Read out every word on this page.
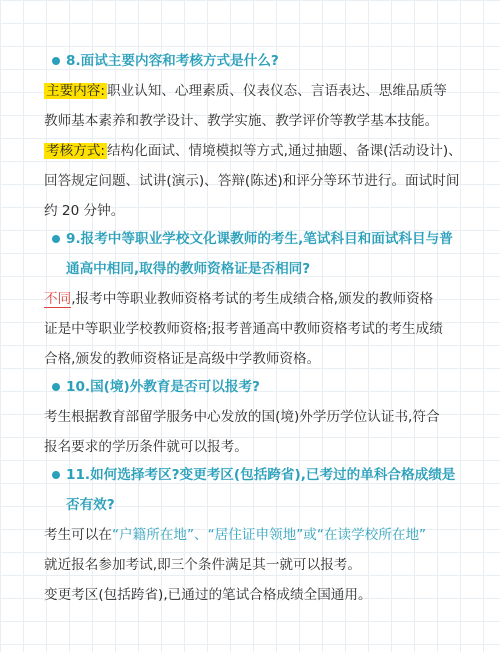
8.面试主要内容和考核方式是什么?
主要内容: 职业认知、心理素质、仪表仪态、言语表达、思维品质等
教师基本素养和教学设计、教学实施、教学评价等教学基本技能。
考核方式: 结构化面试、情境模拟等方式,通过抽题、备课(活动设计)、
回答规定问题、试讲(演示)、答辩(陈述)和评分等环节进行。面试时间
约 20 分钟。
9.报考中等职业学校文化课教师的考生,笔试科目和面试科目与普
通高中相同,取得的教师资格证是否相同?
不同,报考中等职业教师资格考试的考生成绩合格,颁发的教师资格
证是中等职业学校教师资格;报考普通高中教师资格考试的考生成绩
合格,颁发的教师资格证是高级中学教师资格。
10.国(境)外教育是否可以报考?
考生根据教育部留学服务中心发放的国(境)外学历学位认证书,符合
报名要求的学历条件就可以报考。
11.如何选择考区?变更考区(包括跨省),已考过的单科合格成绩是
否有效?
考生可以在“户籍所在地”、“居住证申领地”或“在读学校所在地”
就近报名参加考试,即三个条件满足其一就可以报考。
变更考区(包括跨省),已通过的笔试合格成绩全国通用。
